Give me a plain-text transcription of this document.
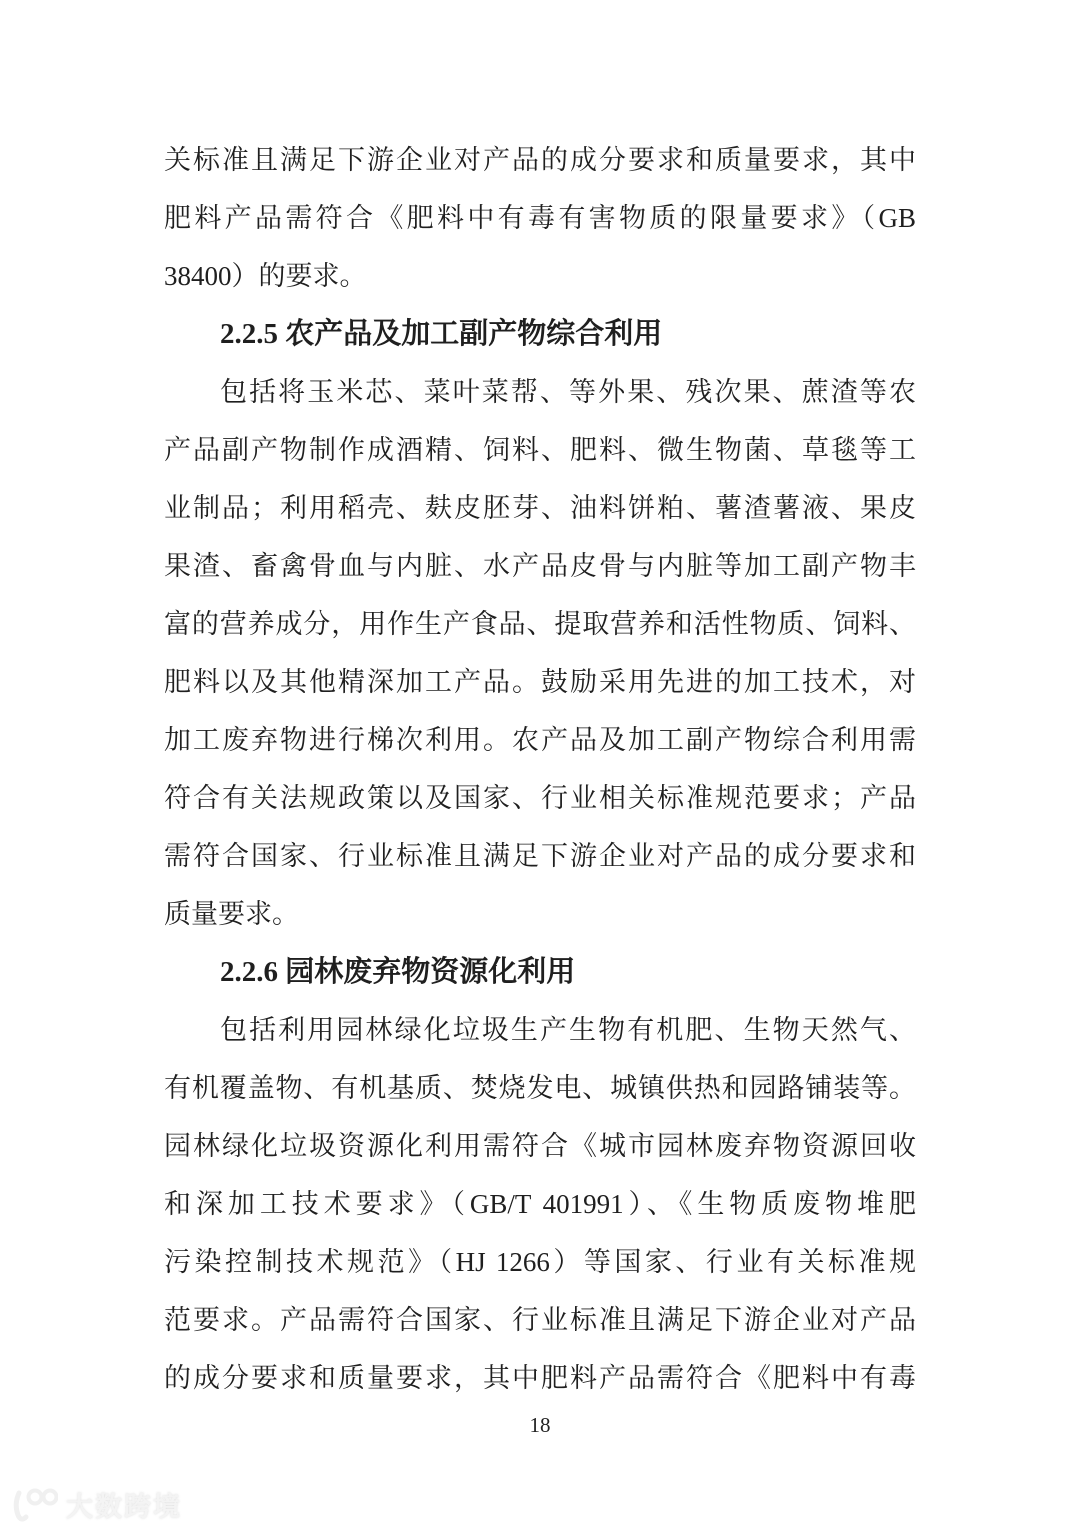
关标准且满足下游企业对产品的成分要求和质量要求，其中
肥料产品需符合《肥料中有毒有害物质的限量要求》（GB
38400）的要求。
2.2.5 农产品及加工副产物综合利用
包括将玉米芯、菜叶菜帮、等外果、残次果、蔗渣等农
产品副产物制作成酒精、饲料、肥料、微生物菌、草毯等工
业制品；利用稻壳、麸皮胚芽、油料饼粕、薯渣薯液、果皮
果渣、畜禽骨血与内脏、水产品皮骨与内脏等加工副产物丰
富的营养成分，用作生产食品、提取营养和活性物质、饲料、
肥料以及其他精深加工产品。鼓励采用先进的加工技术，对
加工废弃物进行梯次利用。农产品及加工副产物综合利用需
符合有关法规政策以及国家、行业相关标准规范要求；产品
需符合国家、行业标准且满足下游企业对产品的成分要求和
质量要求。
2.2.6 园林废弃物资源化利用
包括利用园林绿化垃圾生产生物有机肥、生物天然气、
有机覆盖物、有机基质、焚烧发电、城镇供热和园路铺装等。
园林绿化垃圾资源化利用需符合《城市园林废弃物资源回收
和深加工技术要求》（GB/T 401991）、《生物质废物堆肥
污染控制技术规范》（HJ 1266）等国家、行业有关标准规
范要求。产品需符合国家、行业标准且满足下游企业对产品
的成分要求和质量要求，其中肥料产品需符合《肥料中有毒
18
大数跨境
